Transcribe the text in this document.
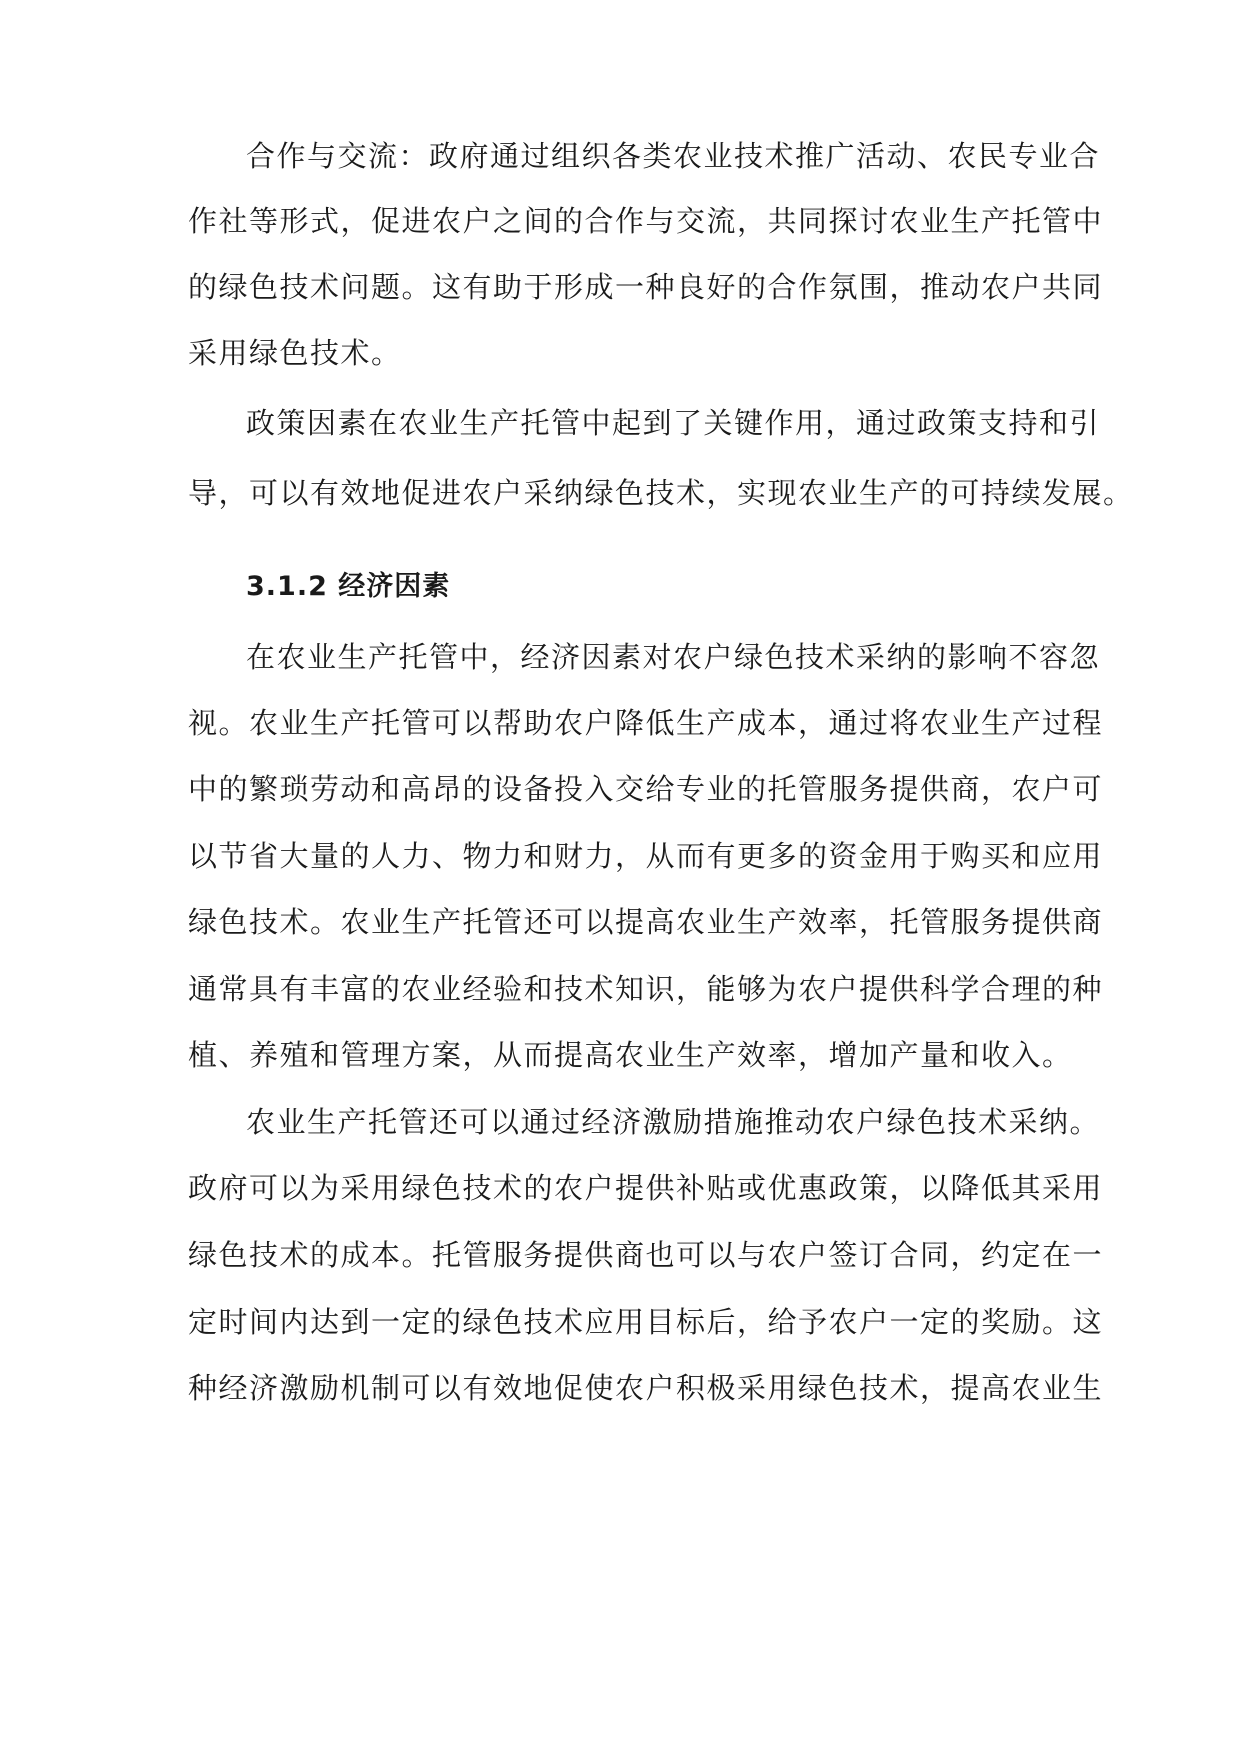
合作与交流：政府通过组织各类农业技术推广活动、农民专业合
作社等形式，促进农户之间的合作与交流，共同探讨农业生产托管中
的绿色技术问题。这有助于形成一种良好的合作氛围，推动农户共同
采用绿色技术。
政策因素在农业生产托管中起到了关键作用，通过政策支持和引
导，可以有效地促进农户采纳绿色技术，实现农业生产的可持续发展。
3.1.2 经济因素
在农业生产托管中，经济因素对农户绿色技术采纳的影响不容忽
视。农业生产托管可以帮助农户降低生产成本，通过将农业生产过程
中的繁琐劳动和高昂的设备投入交给专业的托管服务提供商，农户可
以节省大量的人力、物力和财力，从而有更多的资金用于购买和应用
绿色技术。农业生产托管还可以提高农业生产效率，托管服务提供商
通常具有丰富的农业经验和技术知识，能够为农户提供科学合理的种
植、养殖和管理方案，从而提高农业生产效率，增加产量和收入。
农业生产托管还可以通过经济激励措施推动农户绿色技术采纳。
政府可以为采用绿色技术的农户提供补贴或优惠政策，以降低其采用
绿色技术的成本。托管服务提供商也可以与农户签订合同，约定在一
定时间内达到一定的绿色技术应用目标后，给予农户一定的奖励。这
种经济激励机制可以有效地促使农户积极采用绿色技术，提高农业生
